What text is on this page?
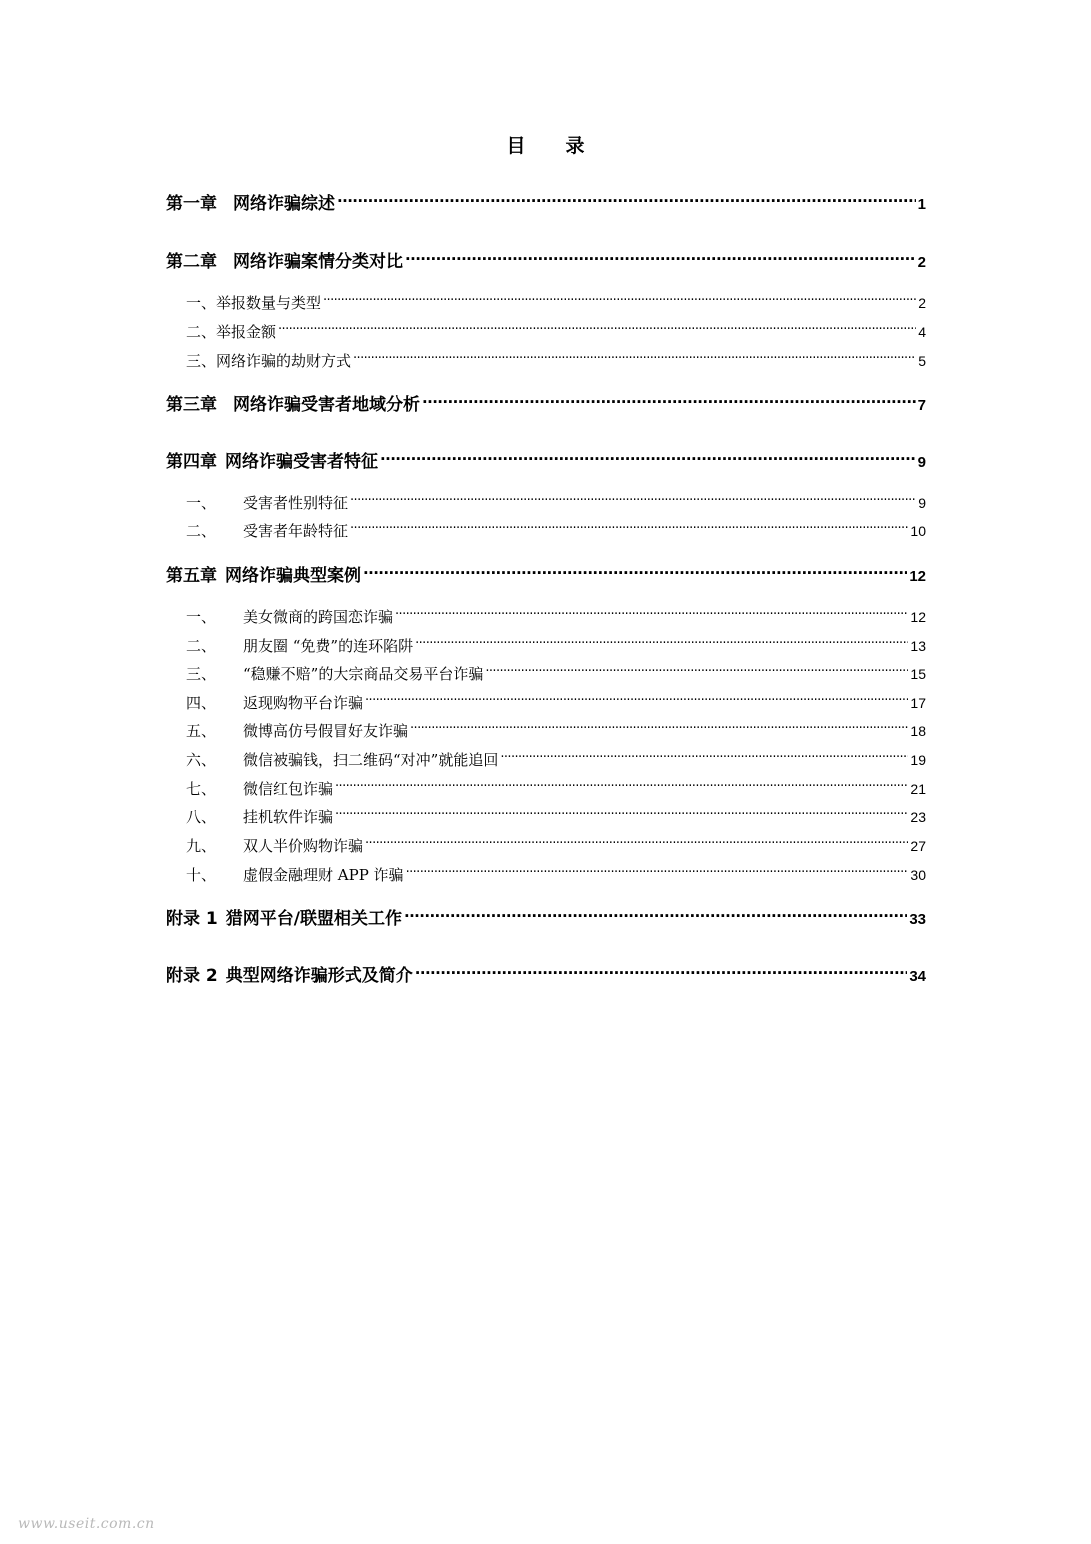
目 录
第一章 网络诈骗综述 .....	1
第二章 网络诈骗案情分类对比 .....	2
一、举报数量与类型 .....	2
二、举报金额 .....	4
三、网络诈骗的劫财方式 .....	5
第三章 网络诈骗受害者地域分析 .....	7
第四章 网络诈骗受害者特征 .....	9
一、	受害者性别特征 .....	9
二、	受害者年龄特征 .....	10
第五章 网络诈骗典型案例 .....	12
一、	美女微商的跨国恋诈骗 .....	12
二、	朋友圈 “免费”的连环陷阱 .....	13
三、	“稳赚不赔”的大宗商品交易平台诈骗 .....	15
四、	返现购物平台诈骗 .....	17
五、	微博高仿号假冒好友诈骗 .....	18
六、	微信被骗钱，扫二维码“对冲”就能追回 .....	19
七、	微信红包诈骗 .....	21
八、	挂机软件诈骗 .....	23
九、	双人半价购物诈骗 .....	27
十、	虚假金融理财 APP 诈骗 .....	30
附录 1 猎网平台/联盟相关工作 .....	33
附录 2 典型网络诈骗形式及简介 .....	34
www.useit.com.cn
